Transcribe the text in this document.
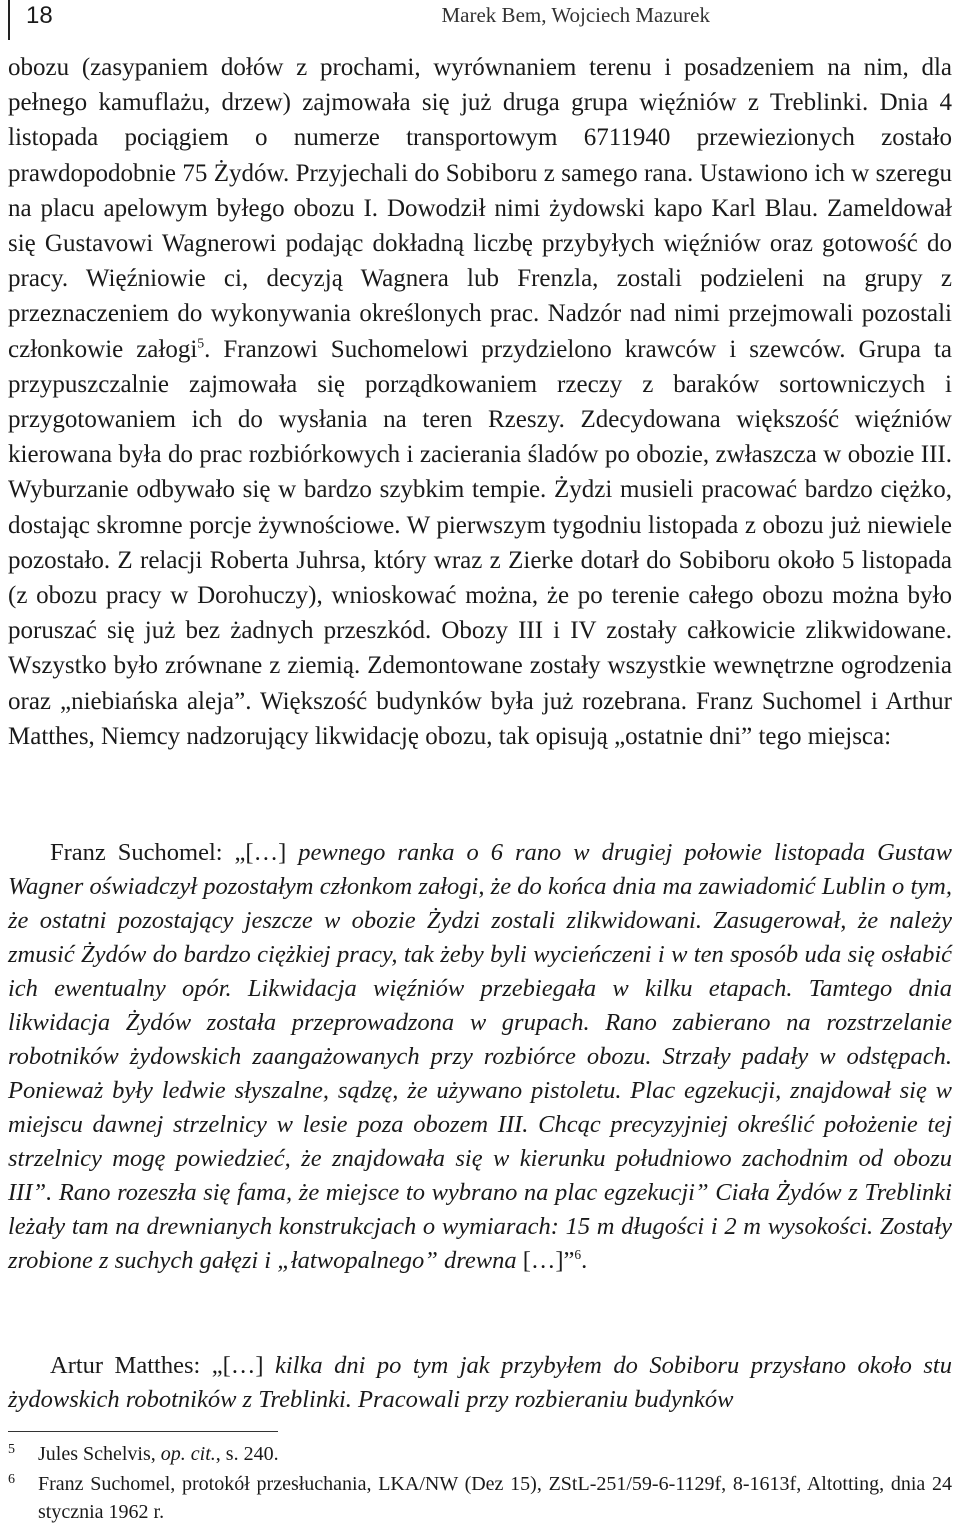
18	Marek Bem, Wojciech Mazurek

obozu (zasypaniem dołów z prochami, wyrównaniem terenu i posadzeniem na nim, dla pełnego kamuflażu, drzew) zajmowała się już druga grupa więźniów z Treblinki. Dnia 4 listopada pociągiem o numerze transportowym 6711940 przewiezionych zostało prawdopodobnie 75 Żydów. Przyjechali do Sobiboru z samego rana. Ustawiono ich w szeregu na placu apelowym byłego obozu I. Dowodził nimi żydowski kapo Karl Blau. Zameldował się Gustavowi Wagnerowi podając dokładną liczbę przybyłych więźniów oraz gotowość do pracy. Więźniowie ci, decyzją Wagnera lub Frenzla, zostali podzieleni na grupy z przeznaczeniem do wykonywania określonych prac. Nadzór nad nimi przejmowali pozostali członkowie załogi$^5$. Franzowi Suchomelowi przydzielono krawców i szewców. Grupa ta przypuszczalnie zajmowała się porządkowaniem rzeczy z baraków sortowniczych i przygotowaniem ich do wysłania na teren Rzeszy. Zdecydowana większość więźniów kierowana była do prac rozbiórkowych i zacierania śladów po obozie, zwłaszcza w obozie III. Wyburzanie odbywało się w bardzo szybkim tempie. Żydzi musieli pracować bardzo ciężko, dostając skromne porcje żywnościowe. W pierwszym tygodniu listopada z obozu już niewiele pozostało. Z relacji Roberta Juhrsa, który wraz z Zierke dotarł do Sobiboru około 5 listopada (z obozu pracy w Dorohuczy), wnioskować można, że po terenie całego obozu można było poruszać się już bez żadnych przeszkód. Obozy III i IV zostały całkowicie zlikwidowane. Wszystko było zrównane z ziemią. Zdemontowane zostały wszystkie wewnętrzne ogrodzenia oraz „niebiańska aleja”. Większość budynków była już rozebrana. Franz Suchomel i Arthur Matthes, Niemcy nadzorujący likwidację obozu, tak opisują „ostatnie dni” tego miejsca:

Franz Suchomel: „[…] pewnego ranka o 6 rano w drugiej połowie listopada Gustaw Wagner oświadczył pozostałym członkom załogi, że do końca dnia ma zawiadomić Lublin o tym, że ostatni pozostający jeszcze w obozie Żydzi zostali zlikwidowani. Zasugerował, że należy zmusić Żydów do bardzo ciężkiej pracy, tak żeby byli wycieńczeni i w ten sposób uda się osłabić ich ewentualny opór. Likwidacja więźniów przebiegała w kilku etapach. Tamtego dnia likwidacja Żydów została przeprowadzona w grupach. Rano zabierano na rozstrzelanie robotników żydowskich zaangażowanych przy rozbiórce obozu. Strzały padały w odstępach. Ponieważ były ledwie słyszalne, sądzę, że używano pistoletu. Plac egzekucji, znajdował się w miejscu dawnej strzelnicy w lesie poza obozem III. Chcąc precyzyjniej określić położenie tej strzelnicy mogę powiedzieć, że znajdowała się w kierunku południowo zachodnim od obozu III”. Rano rozeszła się fama, że miejsce to wybrano na plac egzekucji” Ciała Żydów z Treblinki leżały tam na drewnianych konstrukcjach o wymiarach: 15 m długości i 2 m wysokości. Zostały zrobione z suchych gałęzi i „łatwopalnego” drewna […]”$^6$.

Artur Matthes: „[…] kilka dni po tym jak przybyłem do Sobiboru przysłano około stu żydowskich robotników z Treblinki. Pracowali przy rozbieraniu budynków

5 Jules Schelvis, op. cit., s. 240.

6 Franz Suchomel, protokół przesłuchania, LKA/NW (Dez 15), ZStL-251/59-6-1129f, 8-1613f, Altotting, dnia 24 stycznia 1962 r.
